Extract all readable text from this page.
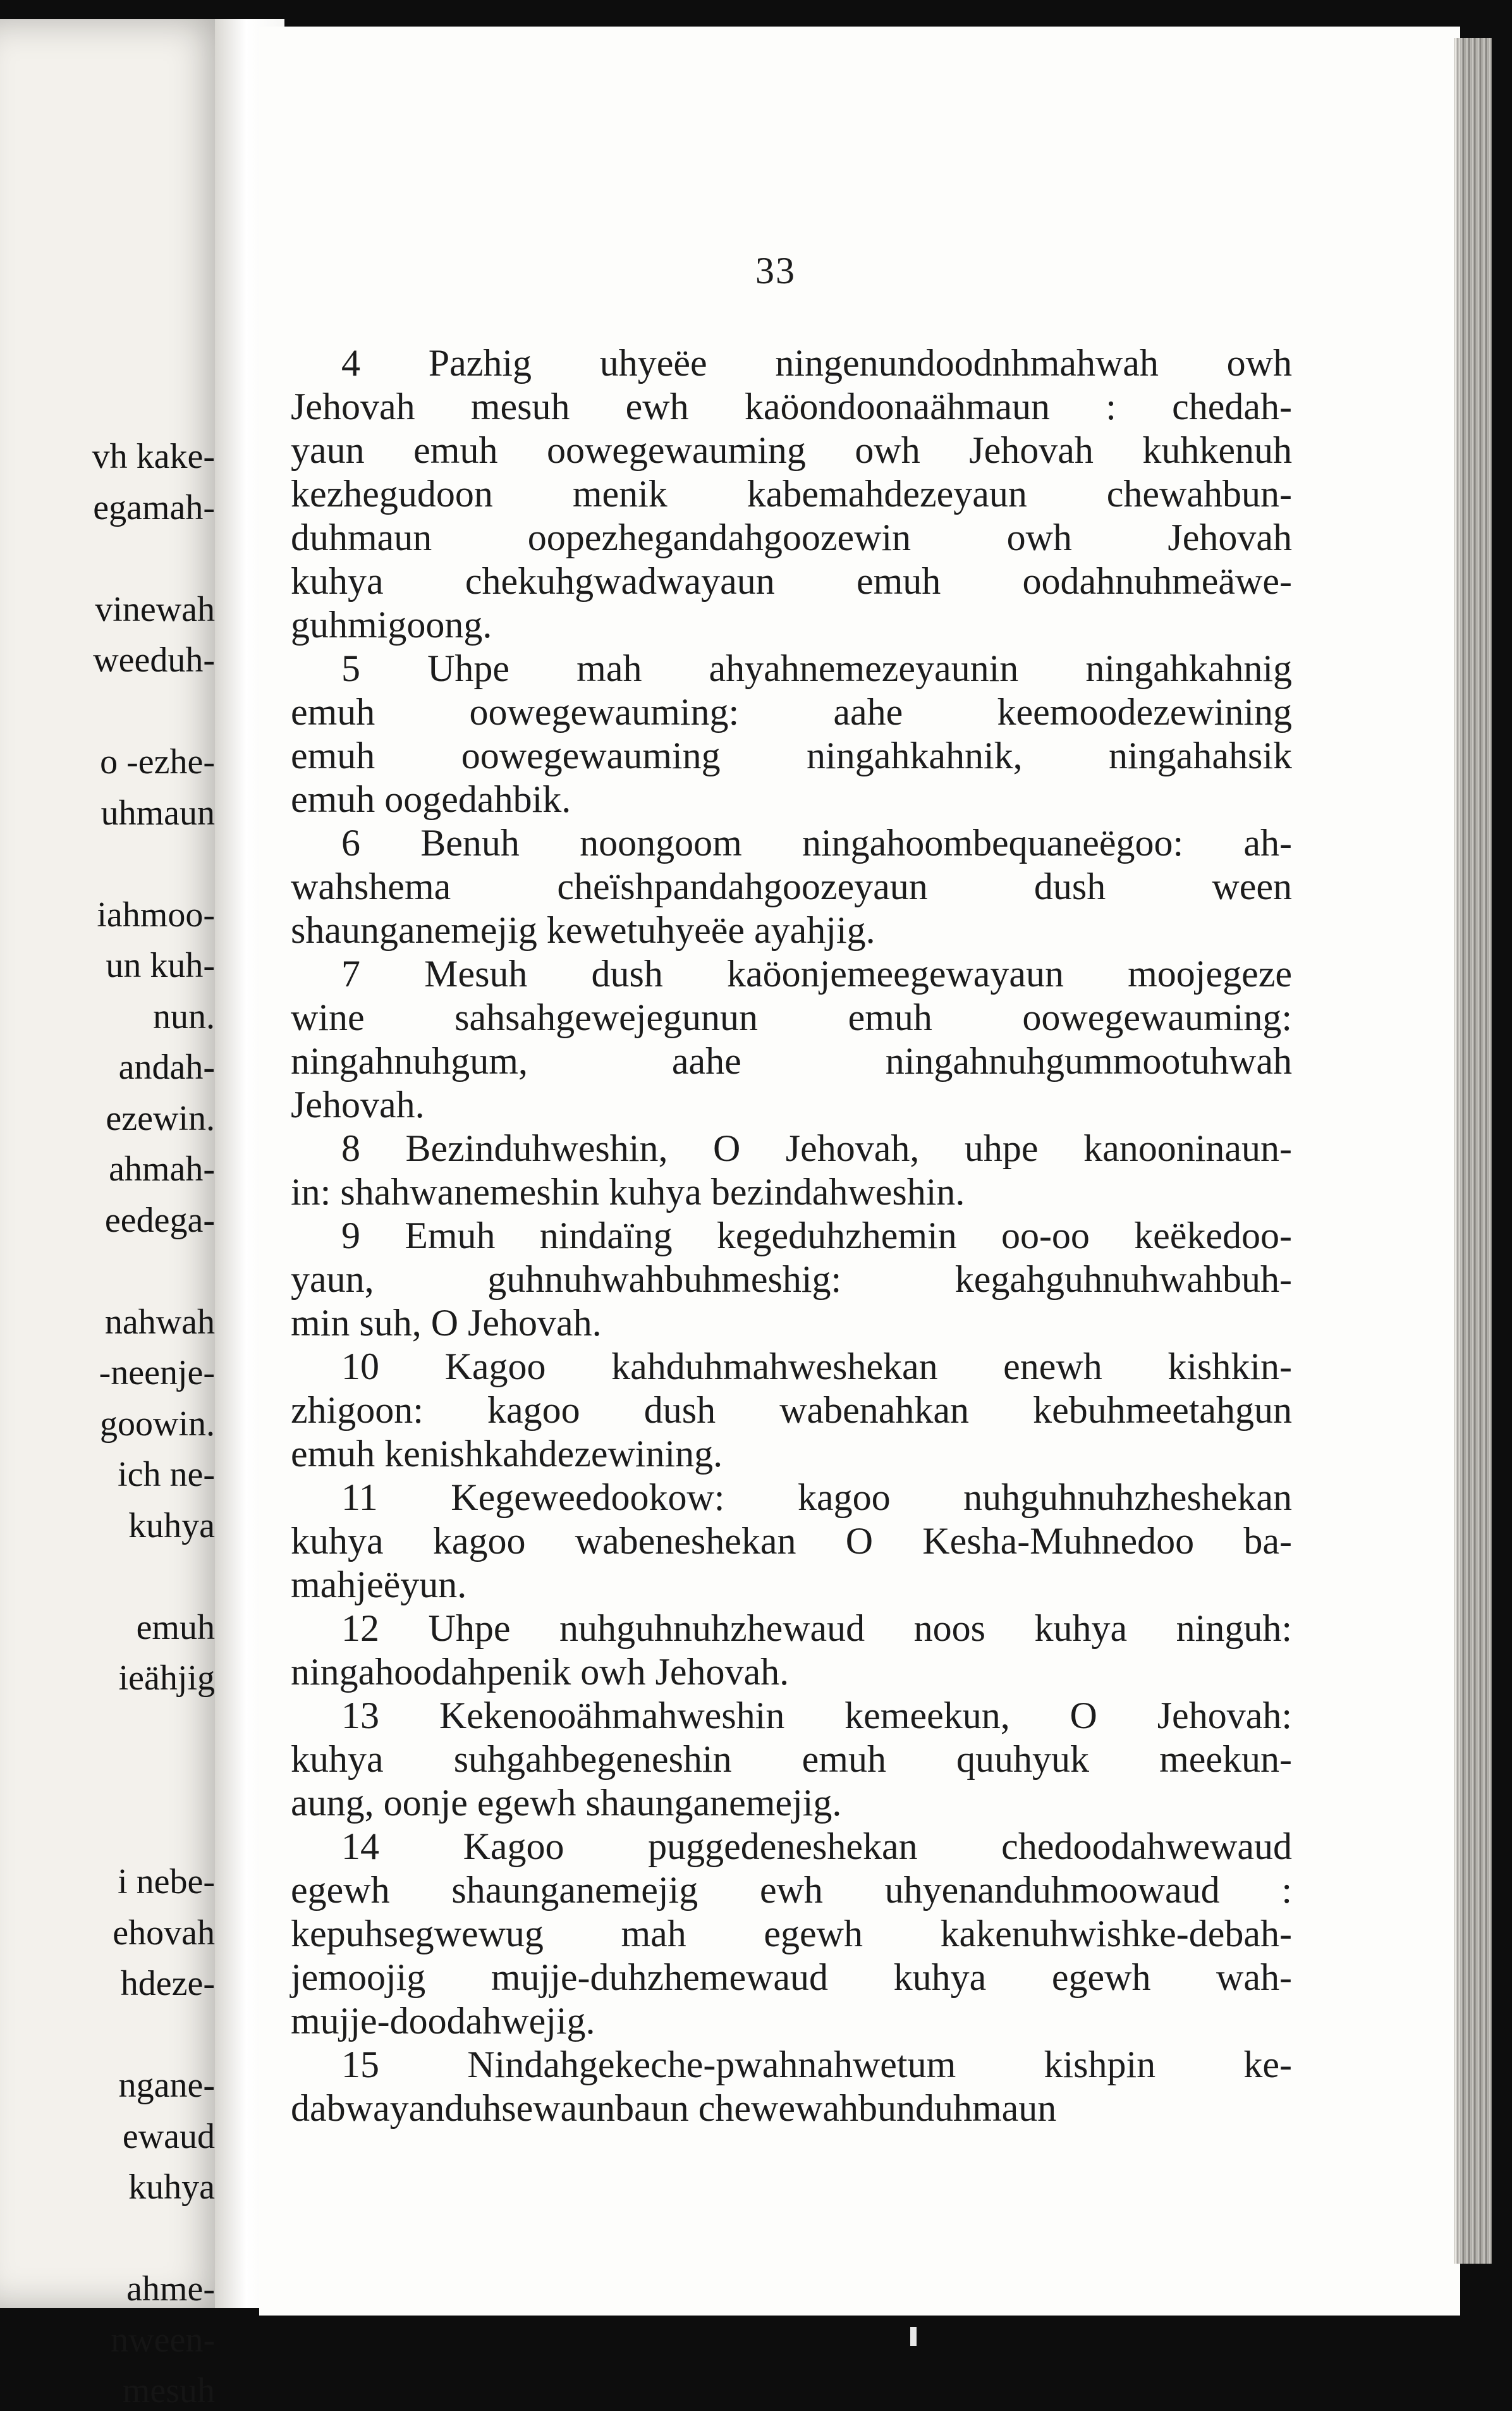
vh kake-
egamah-
vinewah
weeduh-
o -ezhe-
uhmaun
iahmoo-
un kuh-
nun.
andah-
ezewin.
ahmah-
eedega-
nahwah
-neenje-
goowin.
ich ne-
kuhya
emuh
ieähjig
i nebe-
ehovah
hdeze-
ngane-
ewaud
kuhya
ahme-
nween-
mesuh
33
4 Pazhig uhyeëe ningenundoodnhmahwah owh
Jehovah mesuh ewh kaöondoonaähmaun : chedah-
yaun emuh oowegewauming owh Jehovah kuhkenuh
kezhegudoon menik kabemahdezeyaun chewahbun-
duhmaun oopezhegandahgoozewin owh Jehovah
kuhya chekuhgwadwayaun emuh oodahnuhmeäwe-
guhmigoong.
5 Uhpe mah ahyahnemezeyaunin ningahkahnig
emuh oowegewauming: aahe keemoodezewining
emuh oowegewauming ningahkahnik, ningahahsik
emuh oogedahbik.
6 Benuh noongoom ningahoombequaneëgoo: ah-
wahshema cheïshpandahgoozeyaun dush ween
shaunganemejig kewetuhyeëe ayahjig.
7 Mesuh dush kaöonjemeegewayaun moojegeze
wine sahsahgewejegunun emuh oowegewauming:
ningahnuhgum, aahe ningahnuhgummootuhwah
Jehovah.
8 Bezinduhweshin, O Jehovah, uhpe kanooninaun-
in: shahwanemeshin kuhya bezindahweshin.
9 Emuh nindaïng kegeduhzhemin oo-oo keëkedoo-
yaun, guhnuhwahbuhmeshig: kegahguhnuhwahbuh-
min suh, O Jehovah.
10 Kagoo kahduhmahweshekan enewh kishkin-
zhigoon: kagoo dush wabenahkan kebuhmeetahgun
emuh kenishkahdezewining.
11 Kegeweedookow: kagoo nuhguhnuhzheshekan
kuhya kagoo wabeneshekan O Kesha-Muhnedoo ba-
mahjeëyun.
12 Uhpe nuhguhnuhzhewaud noos kuhya ninguh:
ningahoodahpenik owh Jehovah.
13 Kekenooähmahweshin kemeekun, O Jehovah:
kuhya suhgahbegeneshin emuh quuhyuk meekun-
aung, oonje egewh shaunganemejig.
14 Kagoo puggedeneshekan chedoodahwewaud
egewh shaunganemejig ewh uhyenanduhmoowaud :
kepuhsegwewug mah egewh kakenuhwishke-debah-
jemoojig mujje-duhzhemewaud kuhya egewh wah-
mujje-doodahwejig.
15 Nindahgekeche-pwahnahwetum kishpin ke-
dabwayanduhsewaunbaun chewewahbunduhmaun
